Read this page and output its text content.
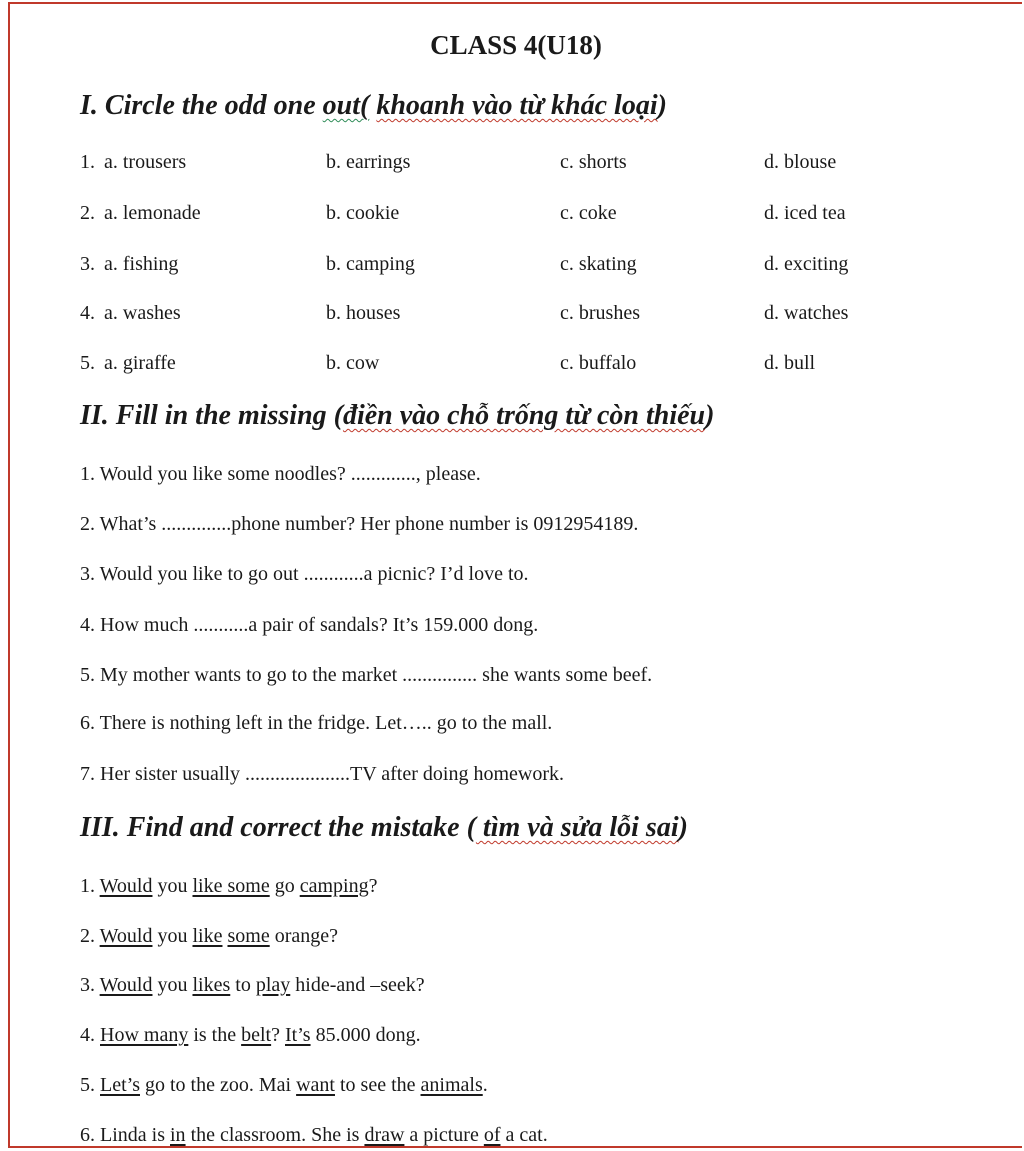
CLASS 4(U18)
I. Circle the odd one out( khoanh vào từ khác loại)
1. a. trousers	b. earrings	c. shorts	d. blouse
2. a. lemonade	b. cookie	c. coke	d. iced tea
3. a. fishing	b. camping	c. skating	d. exciting
4. a. washes	b. houses	c. brushes	d. watches
5. a. giraffe	b. cow	c. buffalo	d. bull
II. Fill in the missing (điền vào chỗ trống từ còn thiếu)
1. Would you like some noodles? ............., please.
2. What’s ..............phone number? Her phone number is 0912954189.
3. Would you like to go out ............a picnic? I’d love to.
4. How much ...........a pair of sandals? It’s 159.000 dong.
5. My mother wants to go to the market ............... she wants some beef.
6. There is nothing left in the fridge. Let….. go to the mall.
7. Her sister usually .....................TV after doing homework.
III. Find and correct the mistake ( tìm và sửa lỗi sai)
1. Would you like some go camping?
2. Would you like some orange?
3. Would you likes to play hide-and –seek?
4. How many is the belt? It’s 85.000 dong.
5. Let’s go to the zoo. Mai want to see the animals.
6. Linda is in the classroom. She is draw a picture of a cat.
